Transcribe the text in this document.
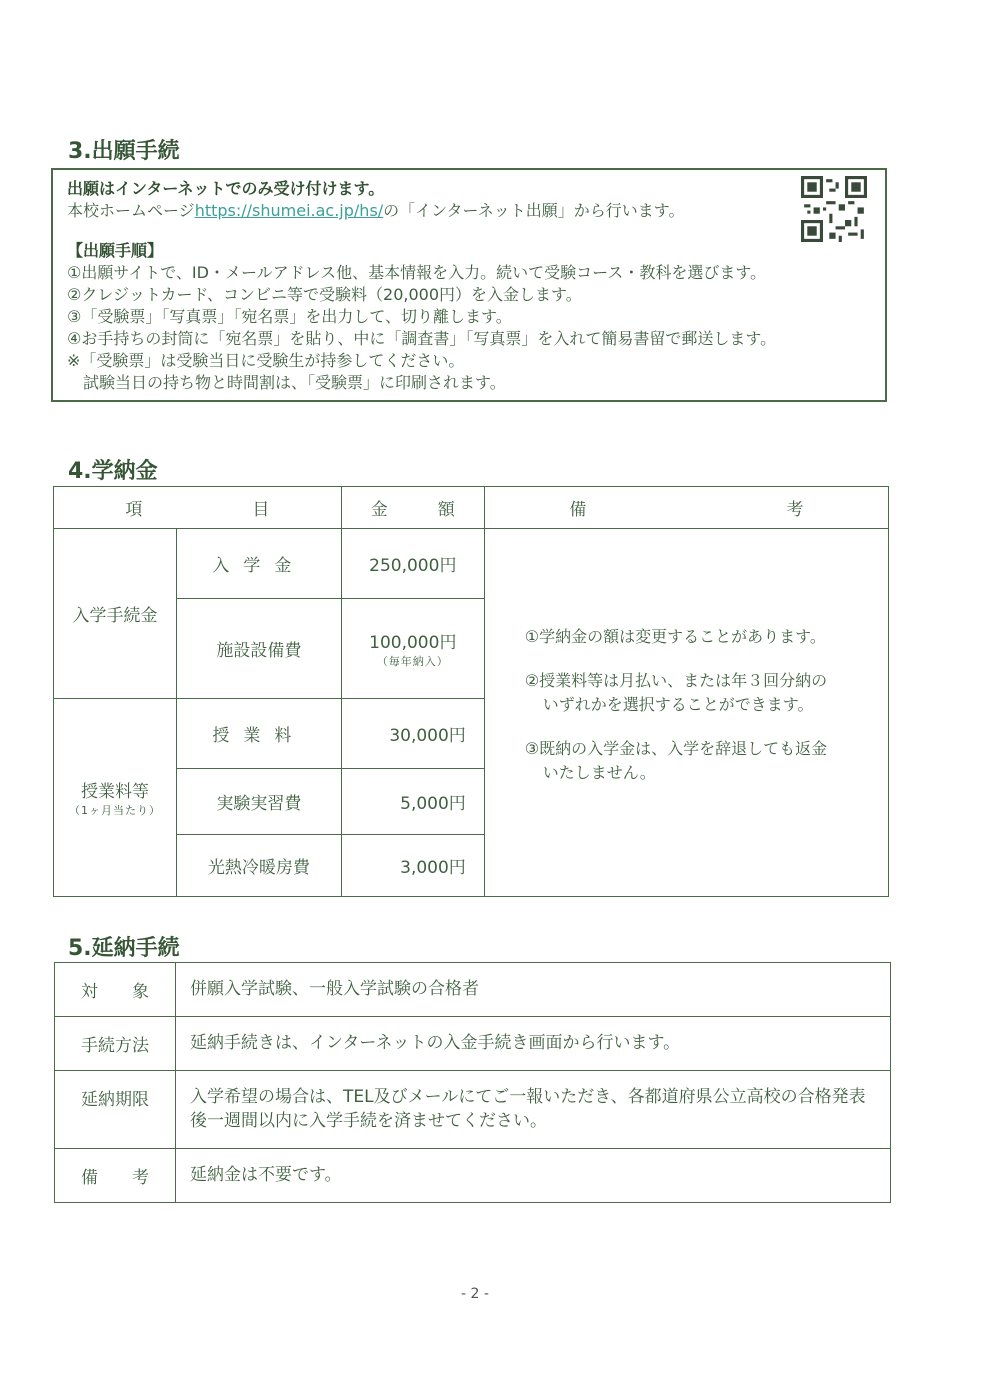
3.出願手続
出願はインターネットでのみ受け付けます。
本校ホームページhttps://shumei.ac.jp/hs/の「インターネット出願」から行います。
【出願手順】
①出願サイトで、ID・メールアドレス他、基本情報を入力。続いて受験コース・教科を選びます。
②クレジットカード、コンビニ等で受験料（20,000円）を入金します。
③「受験票」「写真票」「宛名票」を出力して、切り離します。
④お手持ちの封筒に「宛名票」を貼り、中に「調査書」「写真票」を入れて簡易書留で郵送します。
※「受験票」は受験当日に受験生が持参してください。
　試験当日の持ち物と時間割は、「受験票」に印刷されます。
4.学納金
項 目		金 額	備 考
入学手続金	入学金	250,000円	①学納金の額は変更することがあります。

②授業料等は月払い、または年３回分納の
いずれかを選択することができます。

③既納の入学金は、入学を辞退しても返金
いたしません。

	施設設備費	100,000円
（毎年納入）	

授業料等
（1ヶ月当たり）	授業料	30,000円	
	実験実習費	5,000円	
	光熱冷暖房費	3,000円	
5.延納手続
対　　象	併願入学試験、一般入学試験の合格者
手続方法	延納手続きは、インターネットの入金手続き画面から行います。
延納期限	入学希望の場合は、TEL及びメールにてご一報いただき、各都道府県公立高校の合格発表後一週間以内に入学手続を済ませてください。
備　　考	延納金は不要です。
- 2 -
